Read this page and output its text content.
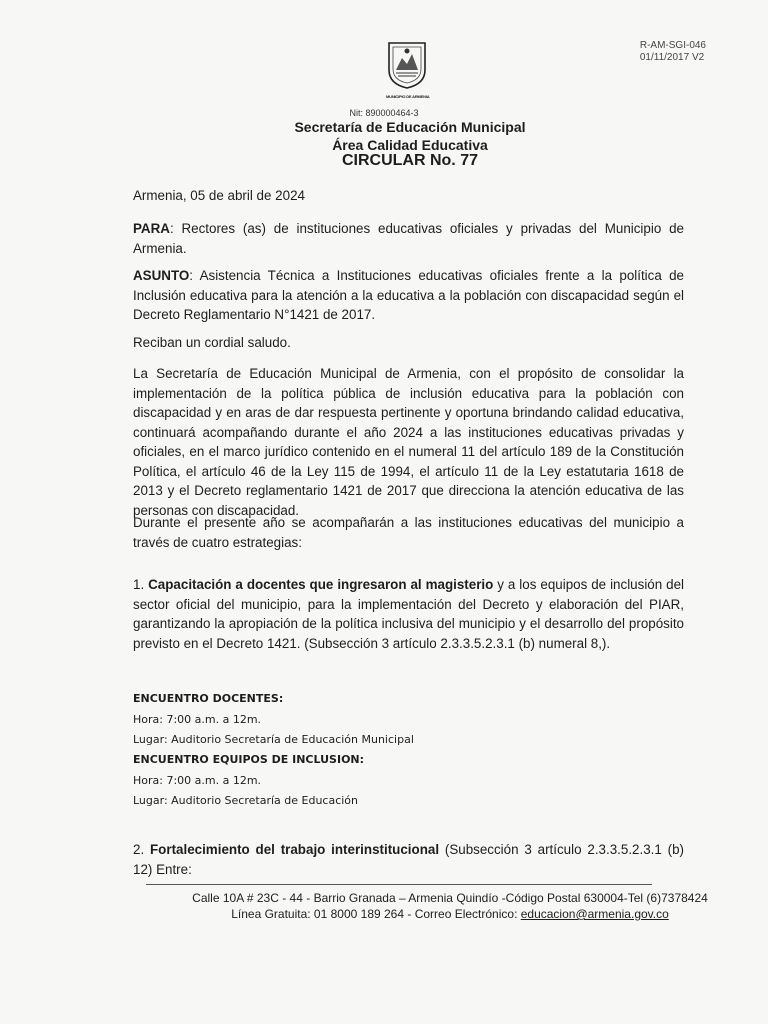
R-AM-SGI-046
01/11/2017 V2
MUNICIPIO DE ARMENIA
Nit: 890000464-3
Secretaría de Educación Municipal
Área Calidad Educativa
CIRCULAR No. 77
Armenia, 05 de abril de 2024
PARA: Rectores (as) de instituciones educativas oficiales y privadas del Municipio de Armenia.
ASUNTO: Asistencia Técnica a Instituciones educativas oficiales frente a la política de Inclusión educativa para la atención a la educativa a la población con discapacidad según el Decreto Reglamentario N°1421 de 2017.
Reciban un cordial saludo.
La Secretaría de Educación Municipal de Armenia, con el propósito de consolidar la implementación de la política pública de inclusión educativa para la población con discapacidad y en aras de dar respuesta pertinente y oportuna brindando calidad educativa, continuará acompañando durante el año 2024 a las instituciones educativas privadas y oficiales, en el marco jurídico contenido en el numeral 11 del artículo 189 de la Constitución Política, el artículo 46 de la Ley 115 de 1994, el artículo 11 de la Ley estatutaria 1618 de 2013 y el Decreto reglamentario 1421 de 2017 que direcciona la atención educativa de las personas con discapacidad.
Durante el presente año se acompañarán a las instituciones educativas del municipio a través de cuatro estrategias:
1. Capacitación a docentes que ingresaron al magisterio y a los equipos de inclusión del sector oficial del municipio, para la implementación del Decreto y elaboración del PIAR, garantizando la apropiación de la política inclusiva del municipio y el desarrollo del propósito previsto en el Decreto 1421. (Subsección 3 artículo 2.3.3.5.2.3.1 (b) numeral 8,).
ENCUENTRO DOCENTES:
Hora: 7:00 a.m. a 12m.
Lugar: Auditorio Secretaría de Educación Municipal
ENCUENTRO EQUIPOS DE INCLUSION:
Hora: 7:00 a.m. a 12m.
Lugar: Auditorio Secretaría de Educación
2. Fortalecimiento del trabajo interinstitucional (Subsección 3 artículo 2.3.3.5.2.3.1 (b) 12) Entre:
Calle 10A # 23C - 44 - Barrio Granada – Armenia Quindío -Código Postal 630004-Tel (6)7378424
Línea Gratuita: 01 8000 189 264 - Correo Electrónico: educacion@armenia.gov.co
